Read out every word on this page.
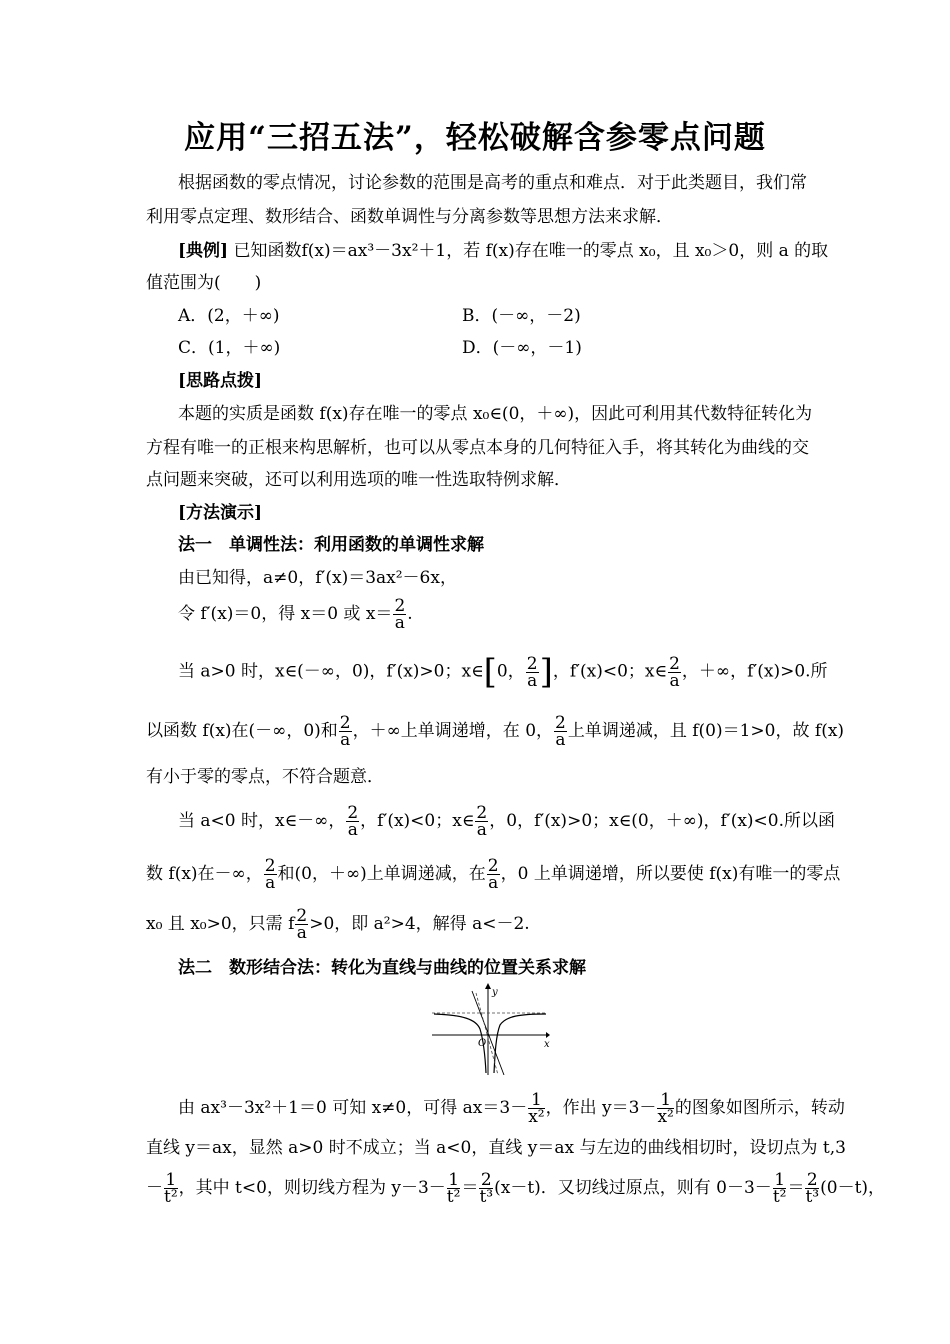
应用“三招五法”，轻松破解含参零点问题
根据函数的零点情况，讨论参数的范围是高考的重点和难点．对于此类题目，我们常
利用零点定理、数形结合、函数单调性与分离参数等思想方法来求解．
[典例] 已知函数f(x)＝ax³－3x²＋1，若 f(x)存在唯一的零点 x₀，且 x₀＞0，则 a 的取
值范围为(　　)
A．(2，＋∞)	B．(－∞，－2)
C．(1，＋∞)	D．(－∞，－1)
[思路点拨]
本题的实质是函数 f(x)存在唯一的零点 x₀∈(0，＋∞)，因此可利用其代数特征转化为
方程有唯一的正根来构思解析，也可以从零点本身的几何特征入手，将其转化为曲线的交
点问题来突破，还可以利用选项的唯一性选取特例求解．
[方法演示]
法一　单调性法：利用函数的单调性求解
由已知得，a≠0，f′(x)＝3ax²－6x，
令 f′(x)＝0，得 x＝0 或 $x= \frac{2}{a}$ .
当 a>0 时，x∈(－∞，0)，f′(x)>0；x∈[0， $\frac{2}{a}$ ]，f′(x)<0；x∈ $\frac{2}{a}$ ，＋∞，f′(x)>0.所
以函数 f(x)在(－∞，0)和 $\frac{2}{a}$ ，＋∞上单调递增，在 0， $\frac{2}{a}$ 上单调递减，且 f(0)＝1>0，故 f(x)
有小于零的零点，不符合题意．
当 a<0 时，x∈－∞， $\frac{2}{a}$ ，f′(x)<0；x∈ $\frac{2}{a}$ ，0，f′(x)>0；x∈(0，＋∞)，f′(x)<0.所以函
数 f(x)在－∞， $\frac{2}{a}$ 和(0，＋∞)上单调递减，在 $\frac{2}{a}$ ，0 上单调递增，所以要使 f(x)有唯一的零点
x₀ 且 x₀>0，只需 f $\frac{2}{a} >0$，即 a²>4，解得 a<－2.
法二　数形结合法：转化为直线与曲线的位置关系求解
y
x
O
由 ax³－3x²＋1＝0 可知 x≠0，可得 $ax=3- \frac{1}{\text{x²}}$ ，作出 $y=3- \frac{1}{\text{x²}}$ 的图象如图所示，转动
直线 y＝ax，显然 a>0 时不成立；当 a<0，直线 y＝ax 与左边的曲线相切时，设切点为 t,3
－ $\frac{1}{\text{t²}}$ ，其中 t<0，则切线方程为 $y-3- \frac{1}{\text{t²}} = \frac{2}{\text{t³}} (x-t)$．又切线过原点，则有 $0-3- \frac{1}{\text{t²}} = \frac{2}{\text{t³}} (0-t)$，
